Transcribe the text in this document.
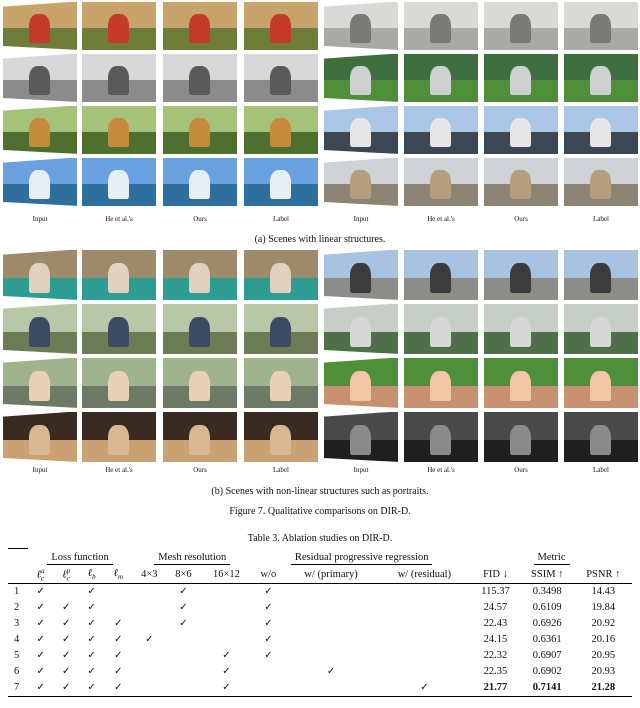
Input	He et al.'s	Ours	Label	Input	He et al.'s	Ours	Label
(a) Scenes with linear structures.
Input	He et al.'s	Ours	Label	Input	He et al.'s	Ours	Label
(b) Scenes with non-linear structures such as portraits.
Figure 7. Qualitative comparisons on DIR-D.
Table 3. Ablation studies on DIR-D.
	Loss function				Mesh resolution			Residual progressive regression			Metric		
	ℓ$_c^a$	ℓ$_c^p$	ℓ$_b$	ℓ$_m$	4×3	8×6	16×12	w/o	w/ (primary)	w/ (residual)	FID ↓	SSIM ↑	PSNR ↑
1	✓		✓			✓		✓			115.37	0.3498	14.43
2	✓	✓	✓			✓		✓			24.57	0.6109	19.84
3	✓	✓	✓	✓		✓		✓			22.43	0.6926	20.92
4	✓	✓	✓	✓	✓			✓			24.15	0.6361	20.16
5	✓	✓	✓	✓			✓	✓			22.32	0.6907	20.95
6	✓	✓	✓	✓			✓		✓		22.35	0.6902	20.93
7	✓	✓	✓	✓			✓			✓	21.77	0.7141	21.28
